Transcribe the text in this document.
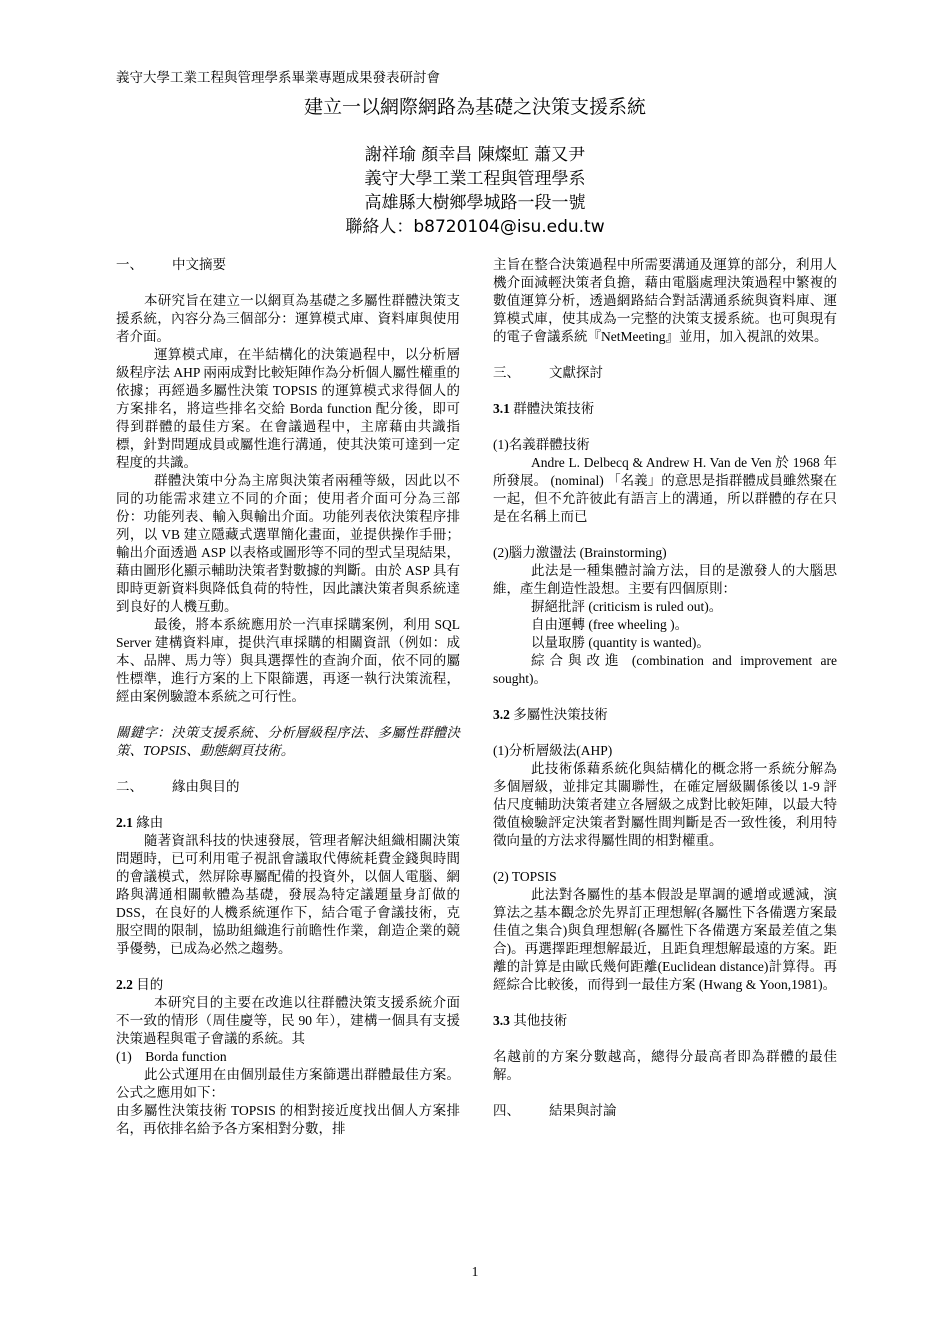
義守大學工業工程與管理學系畢業專題成果發表研討會
建立一以網際網路為基礎之決策支援系統
謝祥瑜 顏幸昌 陳燦虹 蕭又尹
義守大學工業工程與管理學系
高雄縣大樹鄉學城路一段一號
聯絡人：b8720104@isu.edu.tw
一、	中文摘要

本研究旨在建立一以網頁為基礎之多屬性群體決策支援系統，內容分為三個部分：運算模式庫、資料庫與使用者介面。

運算模式庫，在半結構化的決策過程中，以分析層級程序法 AHP 兩兩成對比較矩陣作為分析個人屬性權重的依據；再經過多屬性決策 TOPSIS 的運算模式求得個人的方案排名，將這些排名交給 Borda function 配分後，即可得到群體的最佳方案。在會議過程中，主席藉由共識指標，針對問題成員或屬性進行溝通，使其決策可達到一定程度的共識。

群體決策中分為主席與決策者兩種等級，因此以不同的功能需求建立不同的介面；使用者介面可分為三部份：功能列表、輸入與輸出介面。功能列表依決策程序排列，以 VB 建立隱藏式選單簡化畫面，並提供操作手冊；輸出介面透過 ASP 以表格或圖形等不同的型式呈現結果，藉由圖形化顯示輔助決策者對數據的判斷。由於 ASP 具有即時更新資料與降低負荷的特性，因此讓決策者與系統達到良好的人機互動。

最後，將本系統應用於一汽車採購案例，利用 SQL Server 建構資料庫，提供汽車採購的相關資訊（例如：成本、品牌、馬力等）與具選擇性的查詢介面，依不同的屬性標準，進行方案的上下限篩選，再逐一執行決策流程，經由案例驗證本系統之可行性。

關鍵字：決策支援系統、分析層級程序法、多屬性群體決策、TOPSIS、動態網頁技術。

二、	緣由與目的

2.1 緣由

隨著資訊科技的快速發展，管理者解決組織相關決策問題時，已可利用電子視訊會議取代傳統耗費金錢與時間的會議模式，然屏除專屬配備的投資外，以個人電腦、網路與溝通相關軟體為基礎，發展為特定議題量身訂做的 DSS，在良好的人機系統運作下，結合電子會議技術，克服空間的限制，協助組織進行前瞻性作業，創造企業的競爭優勢，已成為必然之趨勢。

2.2 目的

本研究目的主要在改進以往群體決策支援系統介面不一致的情形（周佳慶等，民 90 年），建構一個具有支援決策過程與電子會議的系統。其

(1)　Borda function

此公式運用在由個別最佳方案篩選出群體最佳方案。公式之應用如下：

由多屬性決策技術 TOPSIS 的相對接近度找出個人方案排名，再依排名給予各方案相對分數，排

主旨在整合決策過程中所需要溝通及運算的部分，利用人機介面減輕決策者負擔，藉由電腦處理決策過程中繁複的數值運算分析，透過網路結合對話溝通系統與資料庫、運算模式庫，使其成為一完整的決策支援系統。也可與現有的電子會議系統『NetMeeting』並用，加入視訊的效果。

三、	文獻探討

3.1 群體決策技術

(1)名義群體技術

Andre L. Delbecq & Andrew H. Van de Ven 於 1968 年所發展。 (nominal) 「名義」的意思是指群體成員雖然聚在一起，但不允許彼此有語言上的溝通，所以群體的存在只是在名稱上而已

(2)腦力激盪法 (Brainstorming)

此法是一種集體討論方法，目的是激發人的大腦思維，產生創造性設想。主要有四個原則：

摒絕批評 (criticism is ruled out)。

自由運轉 (free wheeling )。

以量取勝 (quantity is wanted)。

綜合與改進 (combination and improvement are sought)。

3.2 多屬性決策技術

(1)分析層級法(AHP)

此技術係藉系統化與結構化的概念將一系統分解為多個層級，並排定其關聯性，在確定層級關係後以 1-9 評估尺度輔助決策者建立各層級之成對比較矩陣，以最大特徵值檢驗評定決策者對屬性間判斷是否一致性後，利用特徵向量的方法求得屬性間的相對權重。

(2) TOPSIS

此法對各屬性的基本假設是單調的遞增或遞減，演算法之基本觀念於先界訂正理想解(各屬性下各備選方案最佳值之集合)與負理想解(各屬性下各備選方案最差值之集合)。再選擇距理想解最近，且距負理想解最遠的方案。距離的計算是由歐氏幾何距離(Euclidean distance)計算得。再經綜合比較後，而得到一最佳方案 (Hwang & Yoon,1981)。

3.3 其他技術

名越前的方案分數越高，總得分最高者即為群體的最佳解。

四、	結果與討論
1
